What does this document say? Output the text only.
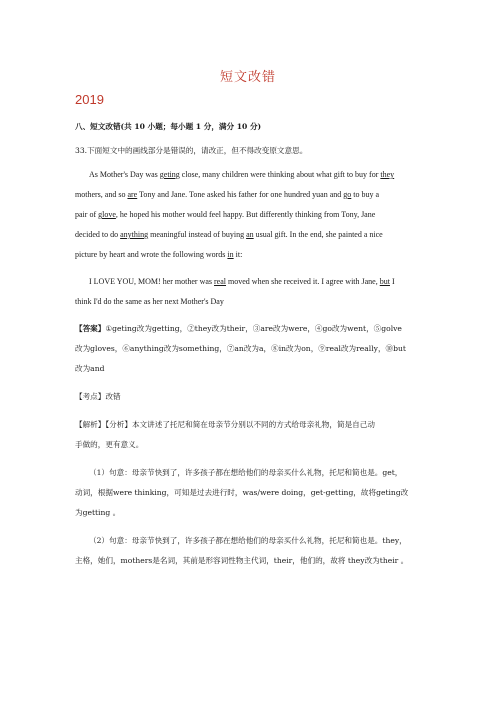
短文改错
2019
八、短文改错(共 10 小题；每小题 1 分，满分 10 分)
33.下面短文中的画线部分是错误的，请改正，但不得改变原文意思。
As Mother's Day was geting close, many children were thinking about what gift to buy for they
mothers, and so are Tony and Jane. Tone asked his father for one hundred yuan and go to buy a
pair of glove, he hoped his mother would feel happy. But differently thinking from Tony, Jane
decided to do anything meaningful instead of buying an usual gift. In the end, she painted a nice
picture by heart and wrote the following words in it:
I LOVE YOU, MOM! her mother was real moved when she received it. I agree with Jane, but I
think I'd do the same as her next Mother's Day
【答案】①geting改为getting，②they改为their，③are改为were，④go改为went，⑤golve
改为gloves，⑥anything改为something，⑦an改为a，⑧in改为on，⑨real改为really，⑩but
改为and
【考点】改错
【解析】【分析】本文讲述了托尼和简在母亲节分别以不同的方式给母亲礼物，简是自己动
手做的，更有意义。
（1）句意：母亲节快到了，许多孩子都在想给他们的母亲买什么礼物，托尼和简也是。get，
动词，根据were thinking，可知是过去进行时，was/were doing，get-getting，故将geting改
为getting 。
（2）句意：母亲节快到了，许多孩子都在想给他们的母亲买什么礼物，托尼和简也是。they，
主格，她们，mothers是名词，其前是形容词性物主代词，their，他们的，故将 they改为their 。
